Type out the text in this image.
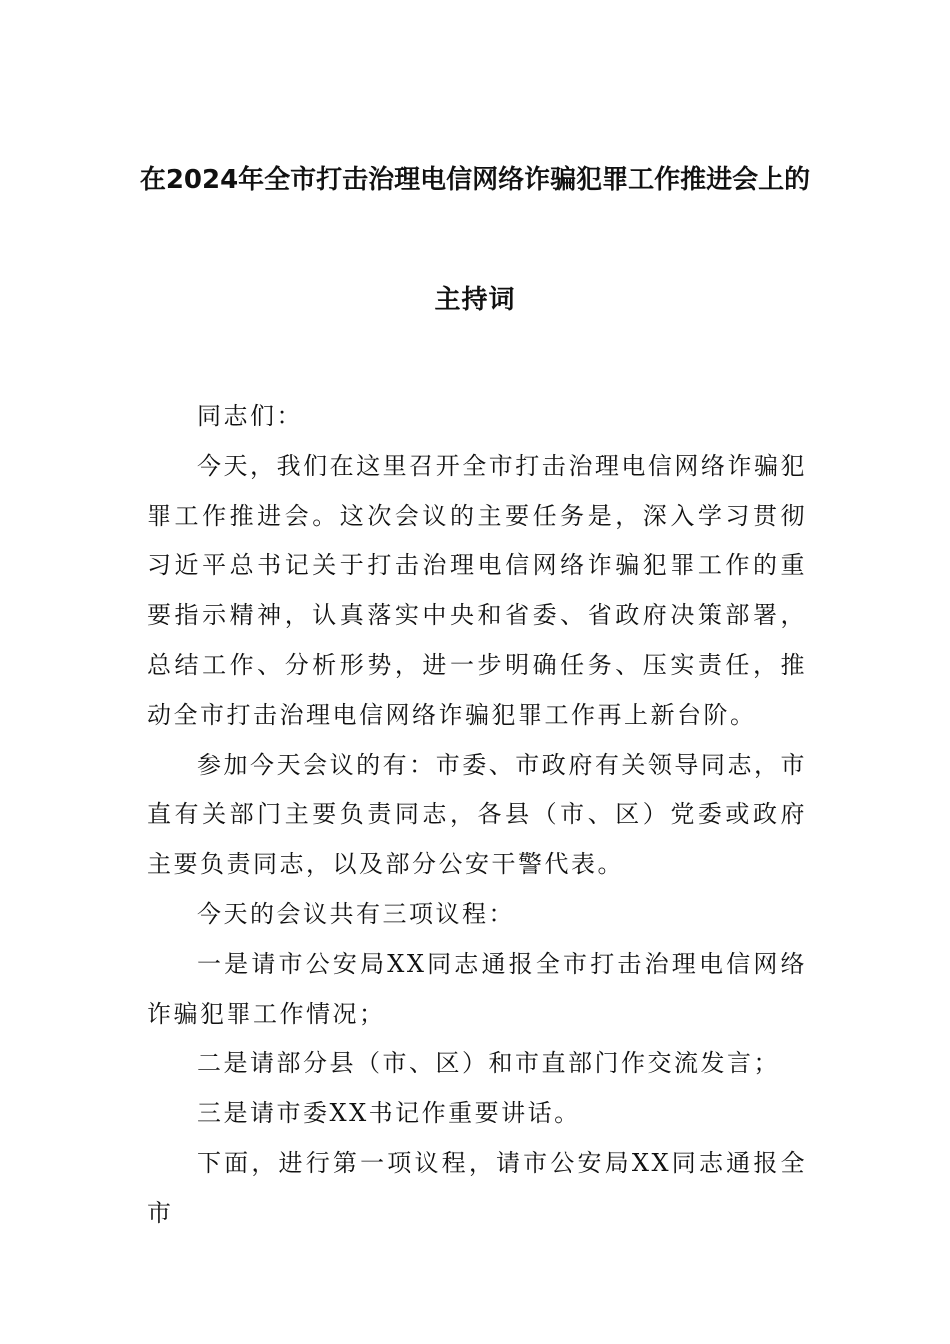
在2024年全市打击治理电信网络诈骗犯罪工作推进会上的
主持词

同志们：

今天，我们在这里召开全市打击治理电信网络诈骗犯罪工作推进会。这次会议的主要任务是，深入学习贯彻习近平总书记关于打击治理电信网络诈骗犯罪工作的重要指示精神，认真落实中央和省委、省政府决策部署，总结工作、分析形势，进一步明确任务、压实责任，推动全市打击治理电信网络诈骗犯罪工作再上新台阶。

参加今天会议的有：市委、市政府有关领导同志，市直有关部门主要负责同志，各县（市、区）党委或政府主要负责同志，以及部分公安干警代表。

今天的会议共有三项议程：

一是请市公安局XX同志通报全市打击治理电信网络诈骗犯罪工作情况；

二是请部分县（市、区）和市直部门作交流发言；

三是请市委XX书记作重要讲话。

下面，进行第一项议程，请市公安局XX同志通报全市
